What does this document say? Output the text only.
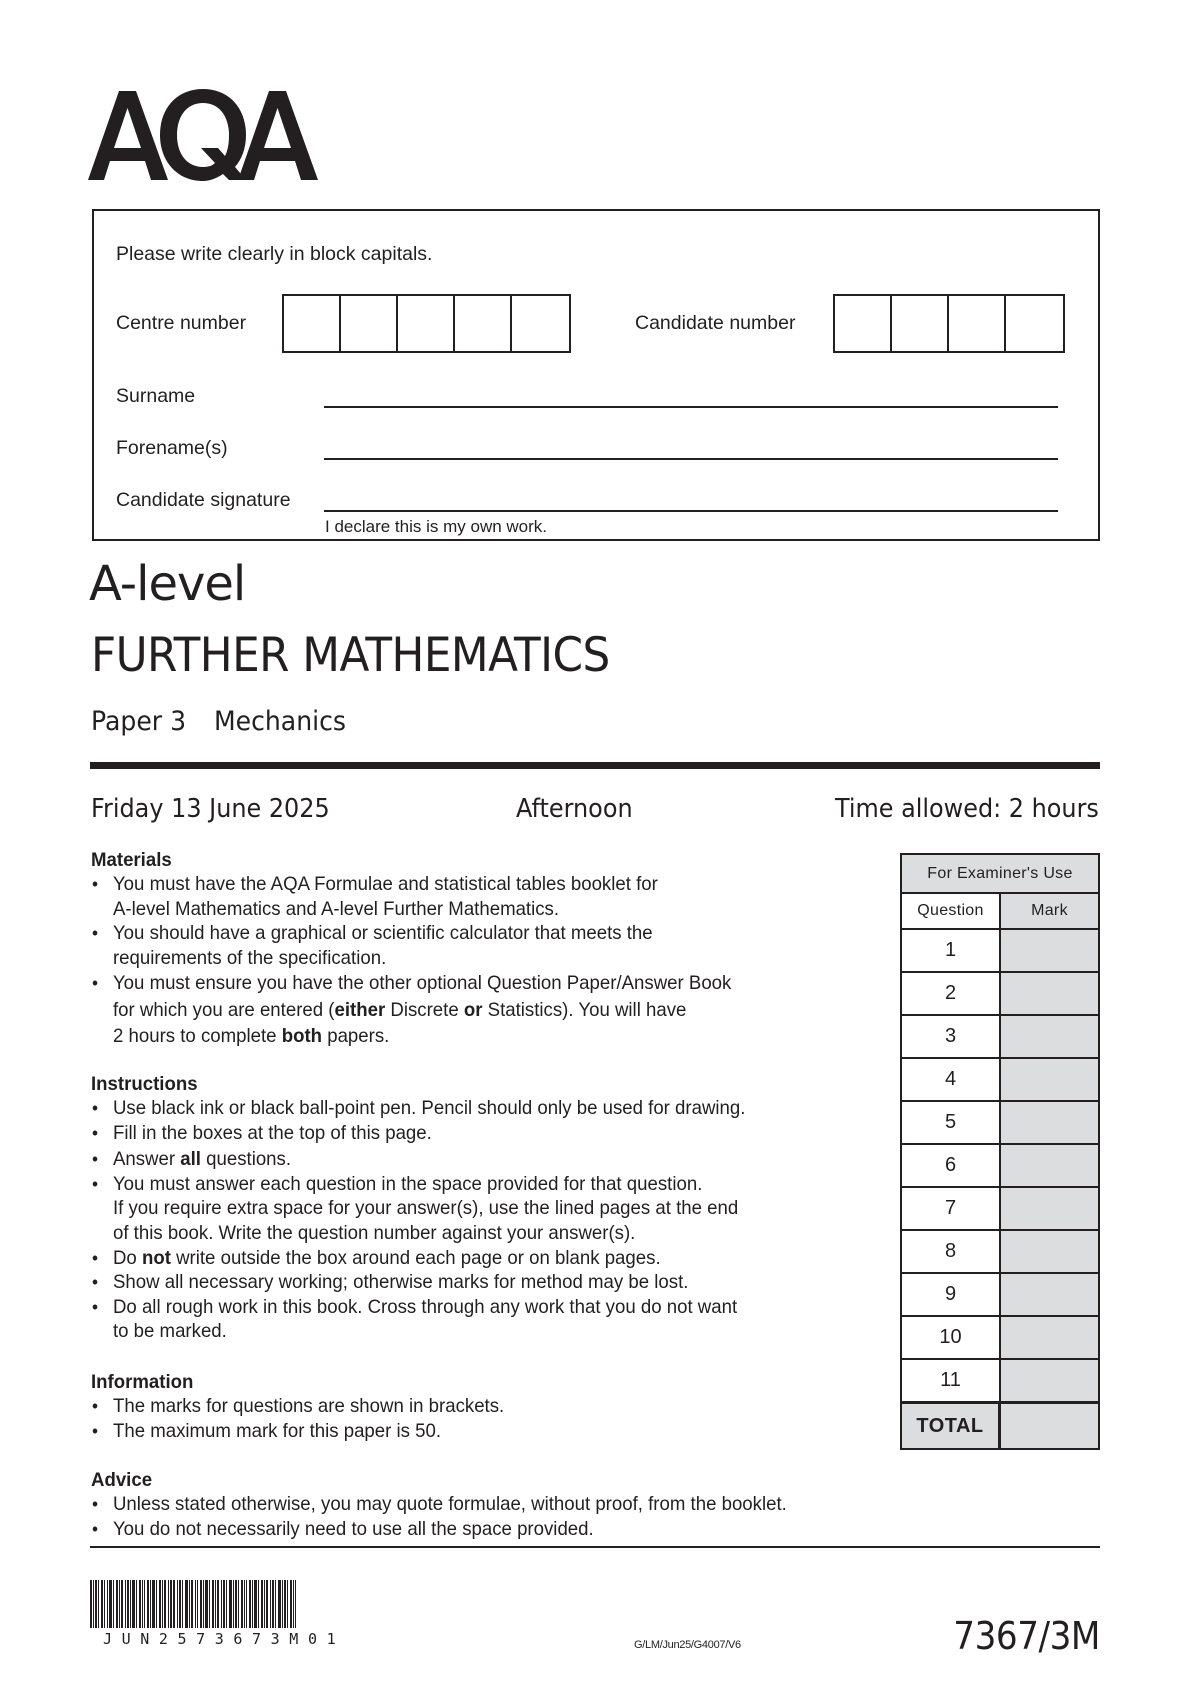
Please write clearly in block capitals.
Centre number	Candidate number
Surname
Forename(s)
Candidate signature
I declare this is my own work.
A-level
FURTHER MATHEMATICS
Paper 3 Mechanics
Friday 13 June 2025	Afternoon	Time allowed: 2 hours
Materials
• You must have the AQA Formulae and statistical tables booklet for
A-level Mathematics and A-level Further Mathematics.
• You should have a graphical or scientific calculator that meets the
requirements of the specification.
• You must ensure you have the other optional Question Paper/Answer Book
for which you are entered (either Discrete or Statistics). You will have
2 hours to complete both papers.
Instructions
• Use black ink or black ball-point pen. Pencil should only be used for drawing.
• Fill in the boxes at the top of this page.
• Answer all questions.
• You must answer each question in the space provided for that question.
If you require extra space for your answer(s), use the lined pages at the end
of this book. Write the question number against your answer(s).
• Do not write outside the box around each page or on blank pages.
• Show all necessary working; otherwise marks for method may be lost.
• Do all rough work in this book. Cross through any work that you do not want
to be marked.
Information
• The marks for questions are shown in brackets.
• The maximum mark for this paper is 50.
Advice
• Unless stated otherwise, you may quote formulae, without proof, from the booklet.
• You do not necessarily need to use all the space provided.
For Examiner's Use
Question	Mark
1
2
3
4
5
6
7
8
9
10
11
TOTAL
JUN2573673M01	G/LM/Jun25/G4007/V6	7367/3M
